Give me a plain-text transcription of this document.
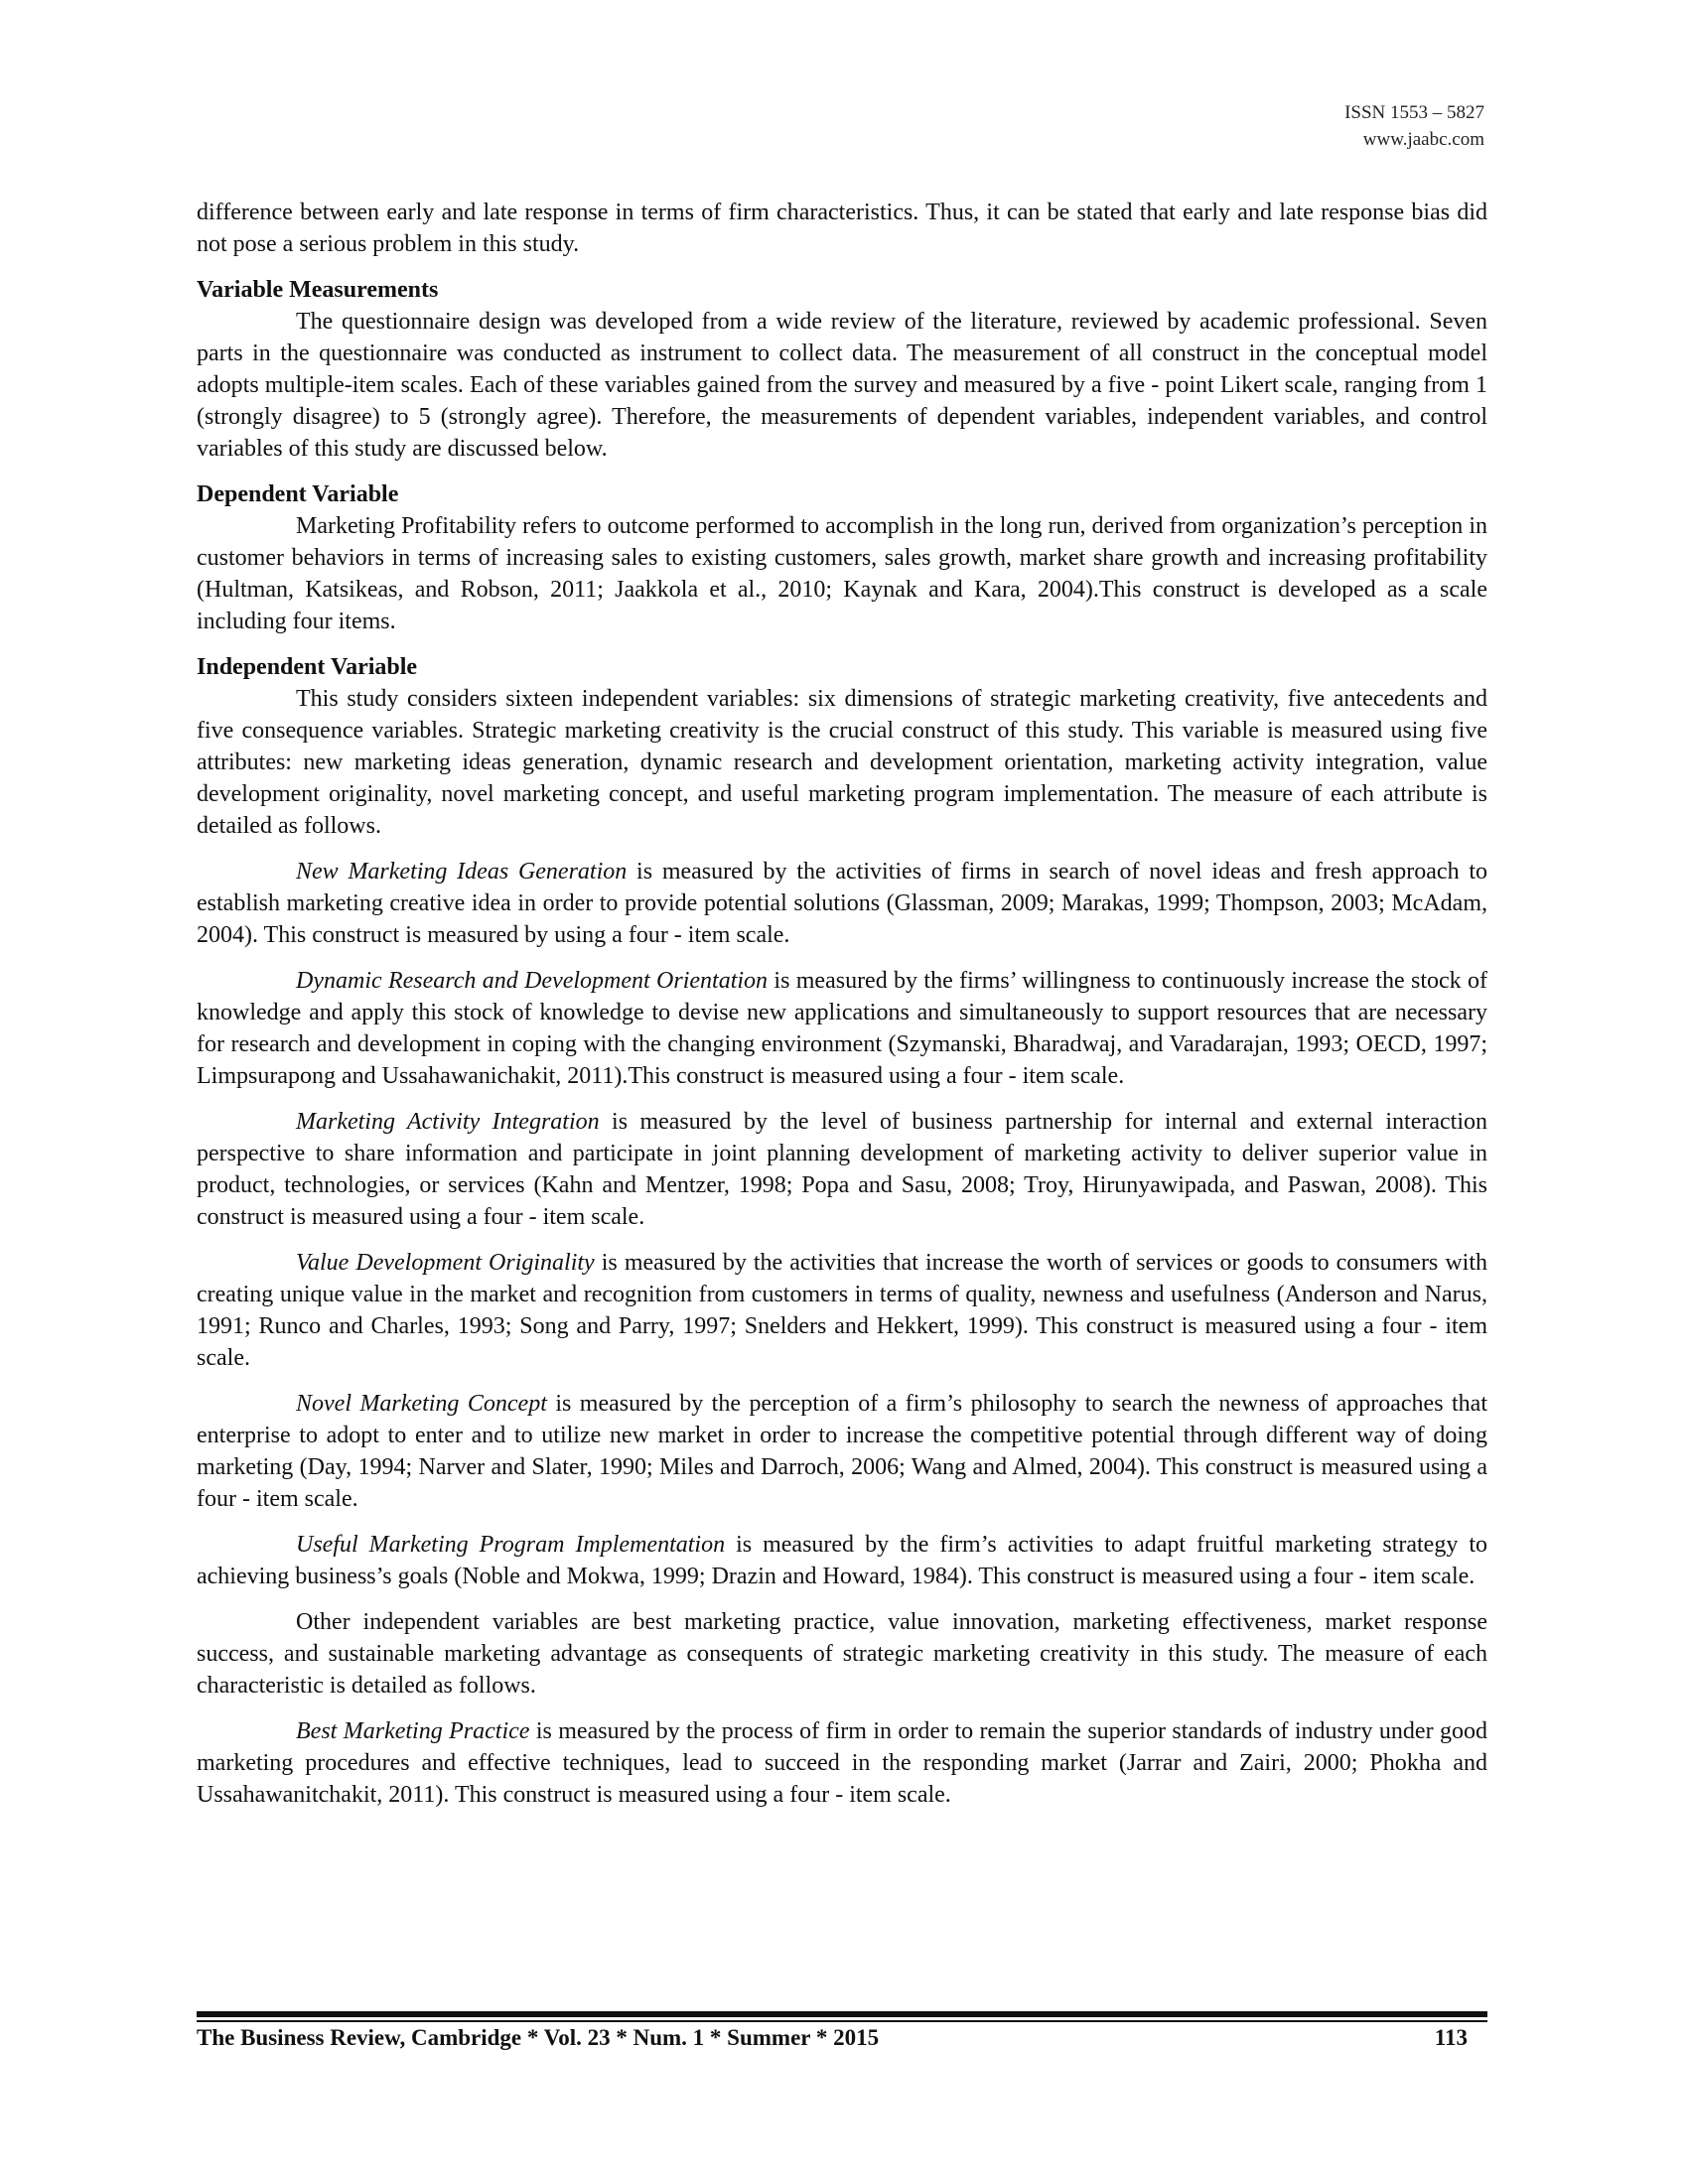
ISSN 1553 – 5827
www.jaabc.com

difference between early and late response in terms of firm characteristics. Thus, it can be stated that early and late response bias did not pose a serious problem in this study.

Variable Measurements

The questionnaire design was developed from a wide review of the literature, reviewed by academic professional. Seven parts in the questionnaire was conducted as instrument to collect data. The measurement of all construct in the conceptual model adopts multiple-item scales. Each of these variables gained from the survey and measured by a five - point Likert scale, ranging from 1 (strongly disagree) to 5 (strongly agree). Therefore, the measurements of dependent variables, independent variables, and control variables of this study are discussed below.

Dependent Variable

Marketing Profitability refers to outcome performed to accomplish in the long run, derived from organization’s perception in customer behaviors in terms of increasing sales to existing customers, sales growth, market share growth and increasing profitability (Hultman, Katsikeas, and Robson, 2011; Jaakkola et al., 2010; Kaynak and Kara, 2004).This construct is developed as a scale including four items.

Independent Variable

This study considers sixteen independent variables: six dimensions of strategic marketing creativity, five antecedents and five consequence variables. Strategic marketing creativity is the crucial construct of this study. This variable is measured using five attributes: new marketing ideas generation, dynamic research and development orientation, marketing activity integration, value development originality, novel marketing concept, and useful marketing program implementation. The measure of each attribute is detailed as follows.

New Marketing Ideas Generation is measured by the activities of firms in search of novel ideas and fresh approach to establish marketing creative idea in order to provide potential solutions (Glassman, 2009; Marakas, 1999; Thompson, 2003; McAdam, 2004). This construct is measured by using a four - item scale.

Dynamic Research and Development Orientation is measured by the firms’ willingness to continuously increase the stock of knowledge and apply this stock of knowledge to devise new applications and simultaneously to support resources that are necessary for research and development in coping with the changing environment (Szymanski, Bharadwaj, and Varadarajan, 1993; OECD, 1997; Limpsurapong and Ussahawanichakit, 2011).This construct is measured using a four - item scale.

Marketing Activity Integration is measured by the level of business partnership for internal and external interaction perspective to share information and participate in joint planning development of marketing activity to deliver superior value in product, technologies, or services (Kahn and Mentzer, 1998; Popa and Sasu, 2008; Troy, Hirunyawipada, and Paswan, 2008). This construct is measured using a four - item scale.

Value Development Originality is measured by the activities that increase the worth of services or goods to consumers with creating unique value in the market and recognition from customers in terms of quality, newness and usefulness (Anderson and Narus, 1991; Runco and Charles, 1993; Song and Parry, 1997; Snelders and Hekkert, 1999). This construct is measured using a four - item scale.

Novel Marketing Concept is measured by the perception of a firm’s philosophy to search the newness of approaches that enterprise to adopt to enter and to utilize new market in order to increase the competitive potential through different way of doing marketing (Day, 1994; Narver and Slater, 1990; Miles and Darroch, 2006; Wang and Almed, 2004). This construct is measured using a four - item scale.

Useful Marketing Program Implementation is measured by the firm’s activities to adapt fruitful marketing strategy to achieving business’s goals (Noble and Mokwa, 1999; Drazin and Howard, 1984). This construct is measured using a four - item scale.

Other independent variables are best marketing practice, value innovation, marketing effectiveness, market response success, and sustainable marketing advantage as consequents of strategic marketing creativity in this study. The measure of each characteristic is detailed as follows.

Best Marketing Practice is measured by the process of firm in order to remain the superior standards of industry under good marketing procedures and effective techniques, lead to succeed in the responding market (Jarrar and Zairi, 2000; Phokha and Ussahawanitchakit, 2011). This construct is measured using a four - item scale.

The Business Review, Cambridge * Vol. 23 * Num. 1 * Summer * 2015	113
